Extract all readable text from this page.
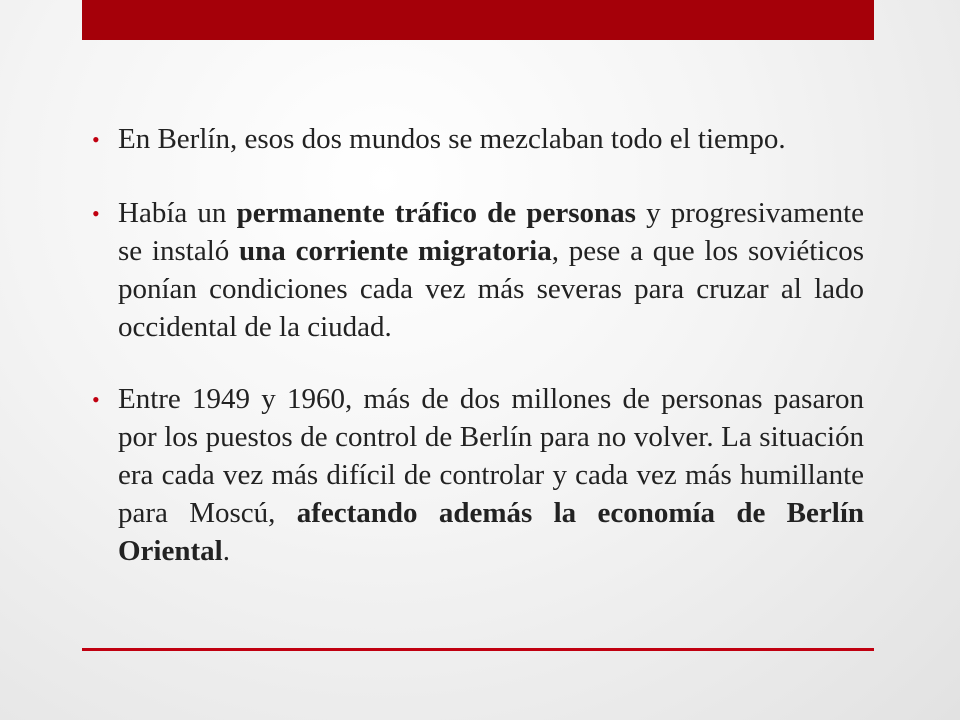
• En Berlín, esos dos mundos se mezclaban todo el tiempo.
• Había un permanente tráfico de personas y progresivamente se instaló una corriente migratoria, pese a que los soviéticos ponían condiciones cada vez más severas para cruzar al lado occidental de la ciudad.
• Entre 1949 y 1960, más de dos millones de personas pasaron por los puestos de control de Berlín para no volver. La situación era cada vez más difícil de controlar y cada vez más humillante para Moscú, afectando además la economía de Berlín Oriental.
